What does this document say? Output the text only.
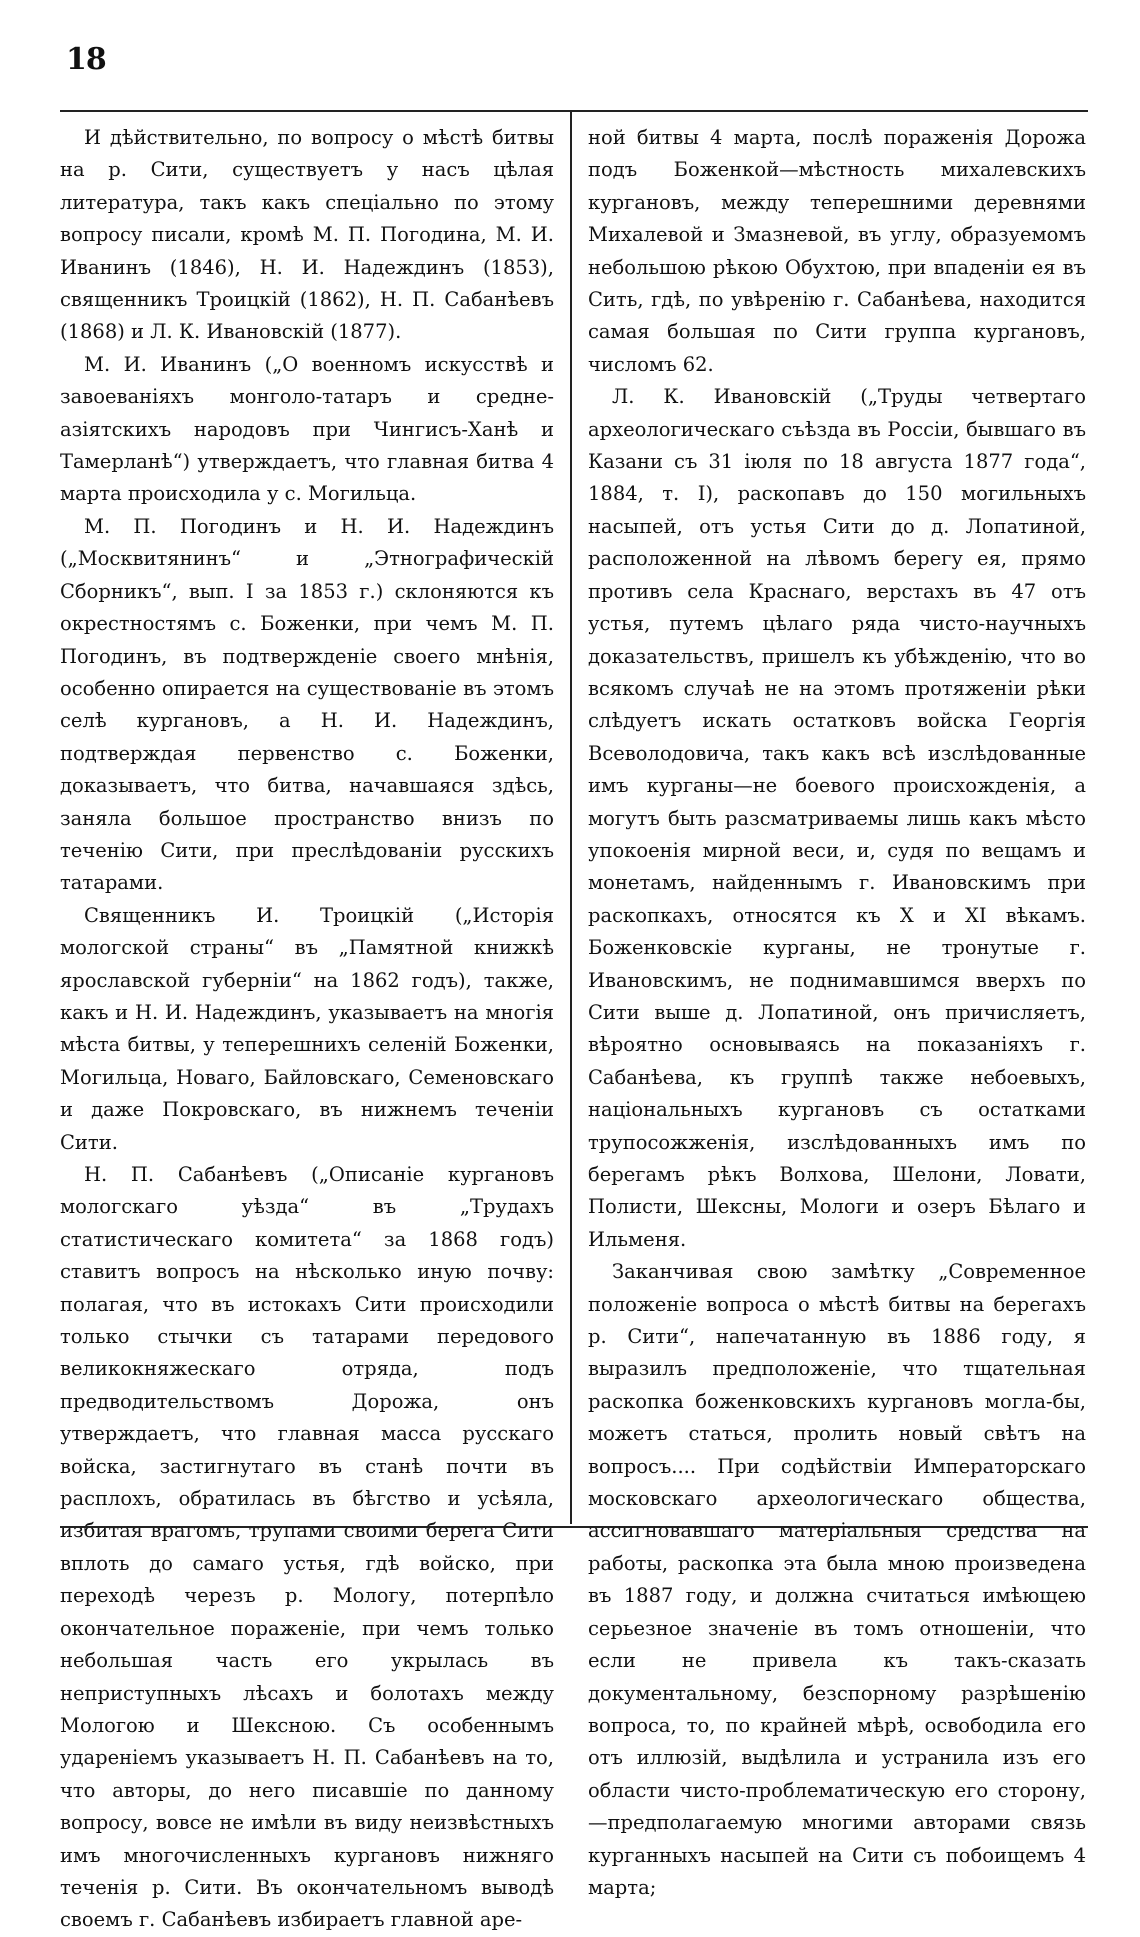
18

И дѣйствительно, по вопросу о мѣстѣ битвы на р. Сити, существуетъ у насъ цѣлая литература, такъ какъ спеціально по этому вопросу писали, кромѣ М. П. Погодина, М. И. Иванинъ (1846), Н. И. Надеждинъ (1853), священникъ Троицкій (1862), Н. П. Сабанѣевъ (1868) и Л. К. Ивановскій (1877).

М. И. Иванинъ („О военномъ искусствѣ и завоеваніяхъ монголо-татаръ и средне-азіятскихъ народовъ при Чингисъ-Ханѣ и Тамерланѣ“) утверждаетъ, что главная битва 4 марта происходила у с. Могильца.

М. П. Погодинъ и Н. И. Надеждинъ („Москвитянинъ“ и „Этнографическій Сборникъ“, вып. I за 1853 г.) склоняются къ окрестностямъ с. Боженки, при чемъ М. П. Погодинъ, въ подтвержденіе своего мнѣнія, особенно опирается на существованіе въ этомъ селѣ кургановъ, а Н. И. Надеждинъ, подтверждая первенство с. Боженки, доказываетъ, что битва, начавшаяся здѣсь, заняла большое пространство внизъ по теченію Сити, при преслѣдованіи русскихъ татарами.

Священникъ И. Троицкій („Исторія мологской страны“ въ „Памятной книжкѣ ярославской губерніи“ на 1862 годъ), также, какъ и Н. И. Надеждинъ, указываетъ на многія мѣста битвы, у теперешнихъ селеній Боженки, Могильца, Новаго, Байловскаго, Семеновскаго и даже Покровскаго, въ нижнемъ теченіи Сити.

Н. П. Сабанѣевъ („Описаніе кургановъ мологскаго уѣзда“ въ „Трудахъ статистическаго комитета“ за 1868 годъ) ставитъ вопросъ на нѣсколько иную почву: полагая, что въ истокахъ Сити происходили только стычки съ татарами передового великокняжескаго отряда, подъ предводительствомъ Дорожа, онъ утверждаетъ, что главная масса русскаго войска, застигнутаго въ станѣ почти въ расплохъ, обратилась въ бѣгство и усѣяла, избитая врагомъ, трупами своими берега Сити вплоть до самаго устья, гдѣ войско, при переходѣ черезъ р. Мологу, потерпѣло окончательное пораженіе, при чемъ только небольшая часть его укрылась въ неприступныхъ лѣсахъ и болотахъ между Мологою и Шексною. Съ особеннымъ удареніемъ указываетъ Н. П. Сабанѣевъ на то, что авторы, до него писавшіе по данному вопросу, вовсе не имѣли въ виду неизвѣстныхъ имъ многочисленныхъ кургановъ нижняго теченія р. Сити. Въ окончательномъ выводѣ своемъ г. Сабанѣевъ избираетъ главной аре-

ной битвы 4 марта, послѣ пораженія Дорожа подъ Боженкой—мѣстность михалевскихъ кургановъ, между теперешними деревнями Михалевой и Змазневой, въ углу, образуемомъ небольшою рѣкою Обухтою, при впаденіи ея въ Сить, гдѣ, по увѣренію г. Сабанѣева, находится самая большая по Сити группа кургановъ, числомъ 62.

Л. К. Ивановскій („Труды четвертаго археологическаго съѣзда въ Россіи, бывшаго въ Казани съ 31 іюля по 18 августа 1877 года“, 1884, т. I), раскопавъ до 150 могильныхъ насыпей, отъ устья Сити до д. Лопатиной, расположенной на лѣвомъ берегу ея, прямо противъ села Краснаго, верстахъ въ 47 отъ устья, путемъ цѣлаго ряда чисто-научныхъ доказательствъ, пришелъ къ убѣжденію, что во всякомъ случаѣ не на этомъ протяженіи рѣки слѣдуетъ искать остатковъ войска Георгія Всеволодовича, такъ какъ всѣ изслѣдованные имъ курганы—не боевого происхожденія, а могутъ быть разсматриваемы лишь какъ мѣсто упокоенія мирной веси, и, судя по вещамъ и монетамъ, найденнымъ г. Ивановскимъ при раскопкахъ, относятся къ X и XI вѣкамъ. Боженковскіе курганы, не тронутые г. Ивановскимъ, не поднимавшимся вверхъ по Сити выше д. Лопатиной, онъ причисляетъ, вѣроятно основываясь на показаніяхъ г. Сабанѣева, къ группѣ также небоевыхъ, національныхъ кургановъ съ остатками трупосожженія, изслѣдованныхъ имъ по берегамъ рѣкъ Волхова, Шелони, Ловати, Полисти, Шексны, Мологи и озеръ Бѣлаго и Ильменя.

Заканчивая свою замѣтку „Современное положеніе вопроса о мѣстѣ битвы на берегахъ р. Сити“, напечатанную въ 1886 году, я выразилъ предположеніе, что тщательная раскопка боженковскихъ кургановъ могла-бы, можетъ статься, пролить новый свѣтъ на вопросъ.... При содѣйствіи Императорскаго московскаго археологическаго общества, ассигновавшаго матеріальныя средства на работы, раскопка эта была мною произведена въ 1887 году, и должна считаться имѣющею серьезное значеніе въ томъ отношеніи, что если не привела къ такъ-сказать документальному, безспорному разрѣшенію вопроса, то, по крайней мѣрѣ, освободила его отъ иллюзій, выдѣлила и устранила изъ его области чисто-проблематическую его сторону,—предполагаемую многими авторами связь курганныхъ насыпей на Сити съ побоищемъ 4 марта;
